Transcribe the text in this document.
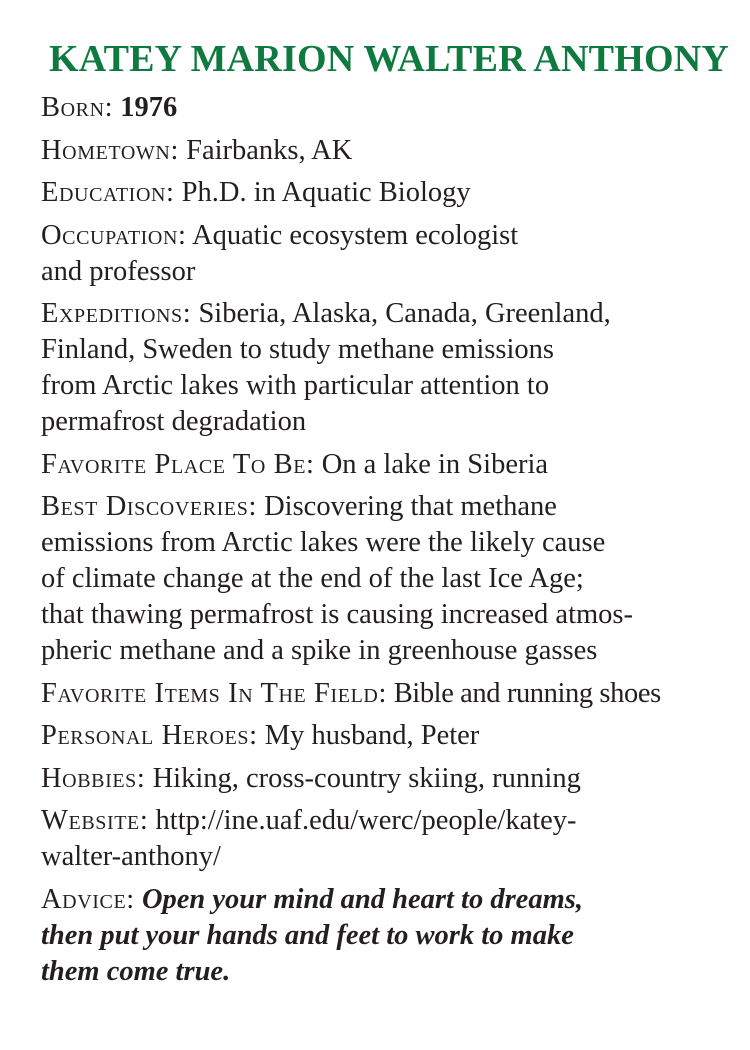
KATEY MARION WALTER ANTHONY
Born: 1976
Hometown: Fairbanks, AK
Education: Ph.D. in Aquatic Biology
Occupation: Aquatic ecosystem ecologist
and professor
Expeditions: Siberia, Alaska, Canada, Greenland,
Finland, Sweden to study methane emissions
from Arctic lakes with particular attention to
permafrost degradation
Favorite Place To Be: On a lake in Siberia
Best Discoveries: Discovering that methane
emissions from Arctic lakes were the likely cause
of climate change at the end of the last Ice Age;
that thawing permafrost is causing increased atmos-
pheric methane and a spike in greenhouse gasses
Favorite Items In The Field: Bible and running shoes
Personal Heroes: My husband, Peter
Hobbies: Hiking, cross-country skiing, running
Website: http://ine.uaf.edu/werc/people/katey-
walter-anthony/
Advice: Open your mind and heart to dreams,
then put your hands and feet to work to make
them come true.
